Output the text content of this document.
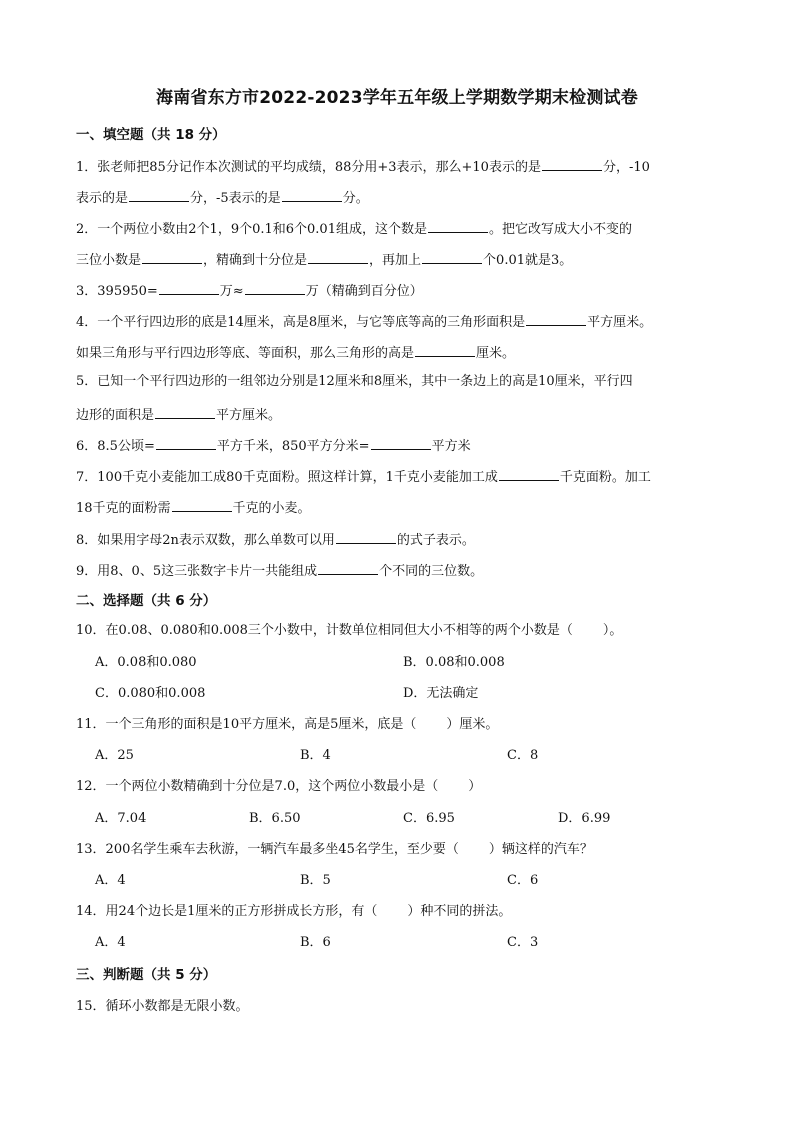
海南省东方市2022-2023学年五年级上学期数学期末检测试卷
一、填空题（共 18 分）
1．张老师把85分记作本次测试的平均成绩，88分用+3表示，那么+10表示的是	分，-10
表示的是	分，-5表示的是	分。
2．一个两位小数由2个1，9个0.1和6个0.01组成，这个数是	。把它改写成大小不变的
三位小数是	，精确到十分位是	，再加上	个0.01就是3。
3．395950=	万≈	万（精确到百分位）
4．一个平行四边形的底是14厘米，高是8厘米，与它等底等高的三角形面积是	平方厘米。
如果三角形与平行四边形等底、等面积，那么三角形的高是	厘米。
5．已知一个平行四边形的一组邻边分别是12厘米和8厘米，其中一条边上的高是10厘米，平行四
边形的面积是	平方厘米。
6．8.5公顷=	平方千米，850平方分米=	平方米
7．100千克小麦能加工成80千克面粉。照这样计算，1千克小麦能加工成	千克面粉。加工
18千克的面粉需	千克的小麦。
8．如果用字母2n表示双数，那么单数可以用	的式子表示。
9．用8、0、5这三张数字卡片一共能组成	个不同的三位数。
二、选择题（共 6 分）
10．在0.08、0.080和0.008三个小数中，计数单位相同但大小不相等的两个小数是（ ）。
A．0.08和0.080	B．0.08和0.008
C．0.080和0.008	D．无法确定
11．一个三角形的面积是10平方厘米，高是5厘米，底是（ ）厘米。
A．25	B．4	C．8
12．一个两位小数精确到十分位是7.0，这个两位小数最小是（ ）
A．7.04	B．6.50	C．6.95	D．6.99
13．200名学生乘车去秋游，一辆汽车最多坐45名学生，至少要（ ）辆这样的汽车？
A．4	B．5	C．6
14．用24个边长是1厘米的正方形拼成长方形，有（ ）种不同的拼法。
A．4	B．6	C．3
三、判断题（共 5 分）
15．循环小数都是无限小数。
